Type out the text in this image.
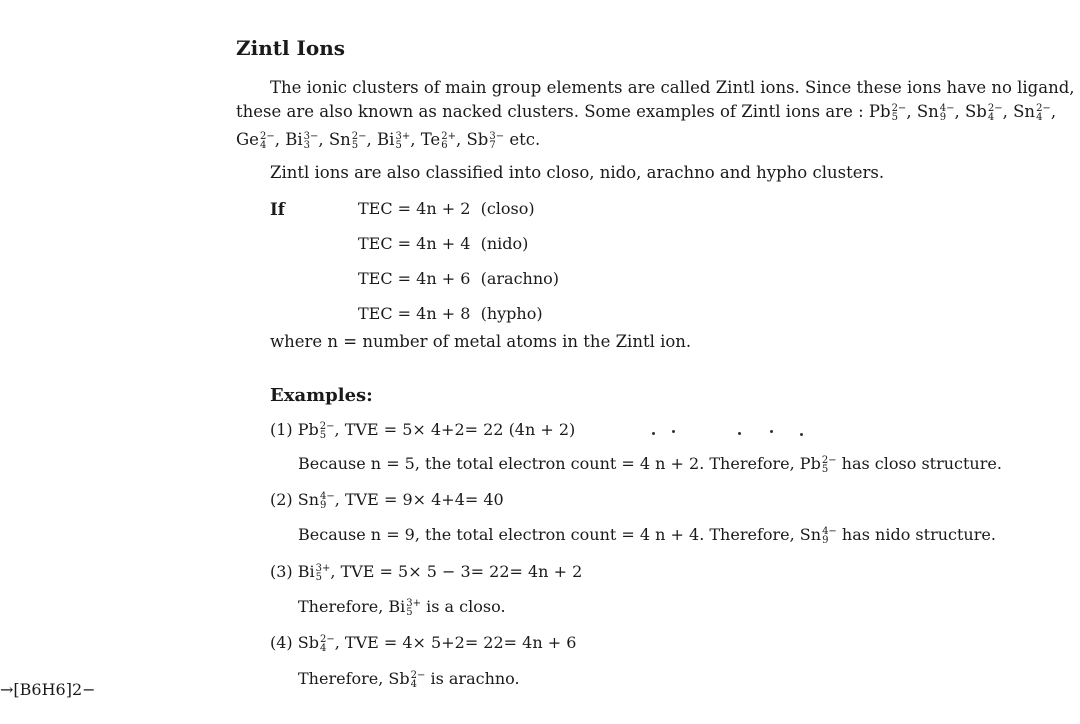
Zintl Ions
The ionic clusters of main group elements are called Zintl ions. Since these ions have no ligand,
these are also known as nacked clusters. Some examples of Zintl ions are : Pb 2−
5 , Sn 4−
9 , Sb 2−
4 , Sn 2−
4 ,
Ge 2−
4 , Bi 3−
3 , Sn 2−
5 , Bi 3+
5 , Te 2+
6 , Sb 3−
7 etc.
Zintl ions are also classified into closo, nido, arachno and hypho clusters.
If	TEC = 4n + 2 (closo)
TEC = 4n + 4 (nido)
TEC = 4n + 6 (arachno)
TEC = 4n + 8 (hypho)
where n = number of metal atoms in the Zintl ion.
Examples:
(1) Pb 2−
5 , TVE = 5× 4+2= 22 (4n + 2)
Because n = 5, the total electron count = 4 n + 2. Therefore, Pb 2−
5 has closo structure.
(2) Sn 4−
9 , TVE = 9× 4+4= 40
Because n = 9, the total electron count = 4 n + 4. Therefore, Sn 4−
9 has nido structure.
(3) Bi 3+
5 , TVE = 5× 5 − 3= 22= 4n + 2
Therefore, Bi 3+
5 is a closo.
(4) Sb 2−
4 , TVE = 4× 5+2= 22= 4n + 6
Therefore, Sb 2−
4 is arachno.
→[B6H6]2−
